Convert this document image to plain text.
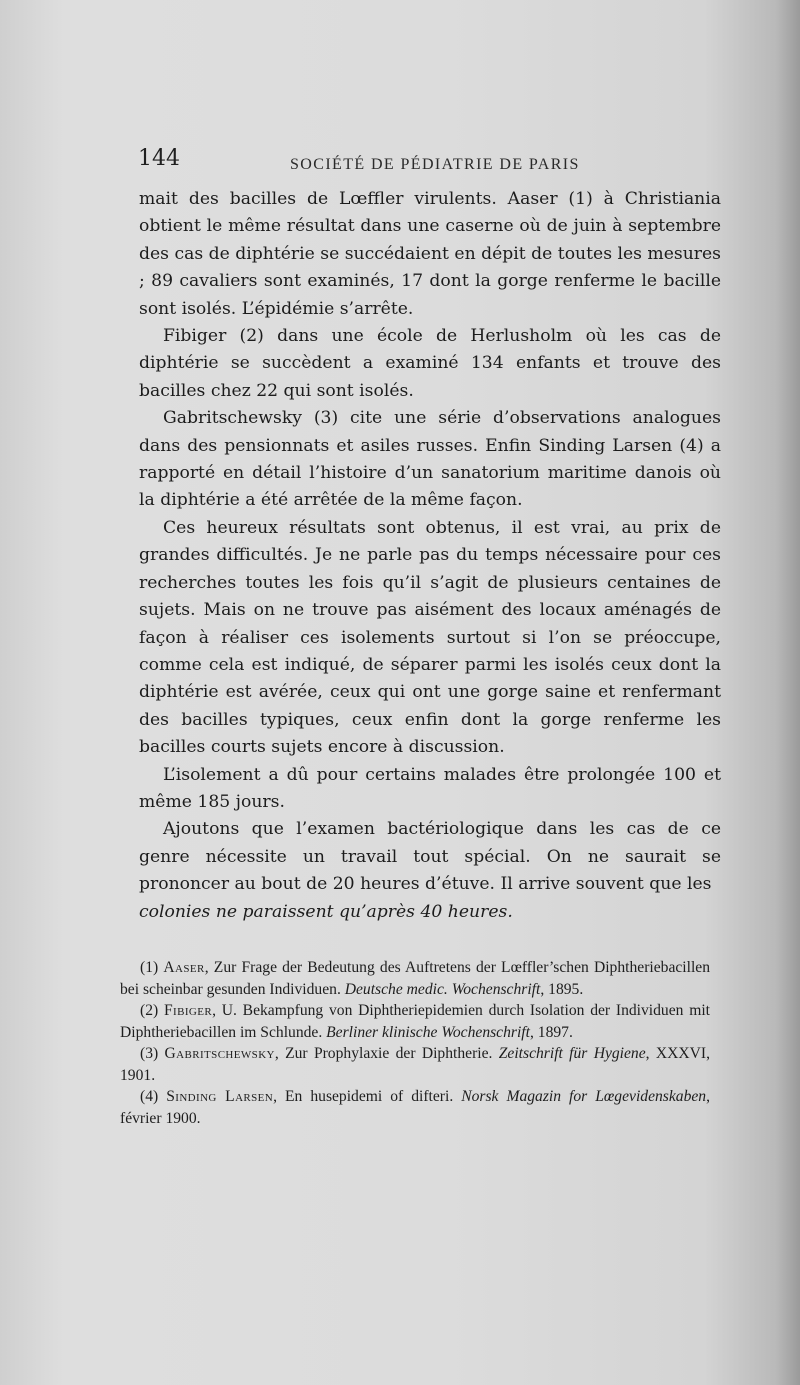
144	SOCIÉTÉ DE PÉDIATRIE DE PARIS

mait des bacilles de Lœffler virulents. Aaser (1) à Christiania obtient le même résultat dans une caserne où de juin à septembre des cas de diphtérie se succédaient en dépit de toutes les mesures ; 89 cavaliers sont examinés, 17 dont la gorge renferme le bacille sont isolés. L’épidémie s’arrête.

Fibiger (2) dans une école de Herlusholm où les cas de diphtérie se succèdent a examiné 134 enfants et trouve des bacilles chez 22 qui sont isolés.

Gabritschewsky (3) cite une série d’observations analogues dans des pensionnats et asiles russes. Enfin Sinding Larsen (4) a rapporté en détail l’histoire d’un sanatorium maritime danois où la diphtérie a été arrêtée de la même façon.

Ces heureux résultats sont obtenus, il est vrai, au prix de grandes difficultés. Je ne parle pas du temps nécessaire pour ces recherches toutes les fois qu’il s’agit de plusieurs centaines de sujets. Mais on ne trouve pas aisément des locaux aménagés de façon à réaliser ces isolements surtout si l’on se préoccupe, comme cela est indiqué, de séparer parmi les isolés ceux dont la diphtérie est avérée, ceux qui ont une gorge saine et renfermant des bacilles typiques, ceux enfin dont la gorge renferme les bacilles courts sujets encore à discussion.

L’isolement a dû pour certains malades être prolongée 100 et même 185 jours.

Ajoutons que l’examen bactériologique dans les cas de ce genre nécessite un travail tout spécial. On ne saurait se prononcer au bout de 20 heures d’étuve. Il arrive souvent que les

colonies ne paraissent qu’après 40 heures.

(1) Aaser, Zur Frage der Bedeutung des Auftretens der Lœffler’schen Diphtheriebacillen bei scheinbar gesunden Individuen. Deutsche medic. Wochenschrift, 1895.

(2) Fibiger, U. Bekampfung von Diphtheriepidemien durch Isolation der Individuen mit Diphtheriebacillen im Schlunde. Berliner klinische Wochenschrift, 1897.

(3) Gabritschewsky, Zur Prophylaxie der Diphtherie. Zeitschrift für Hygiene, XXXVI, 1901.

(4) Sinding Larsen, En husepidemi of difteri. Norsk Magazin for Lœgevidenskaben, février 1900.
